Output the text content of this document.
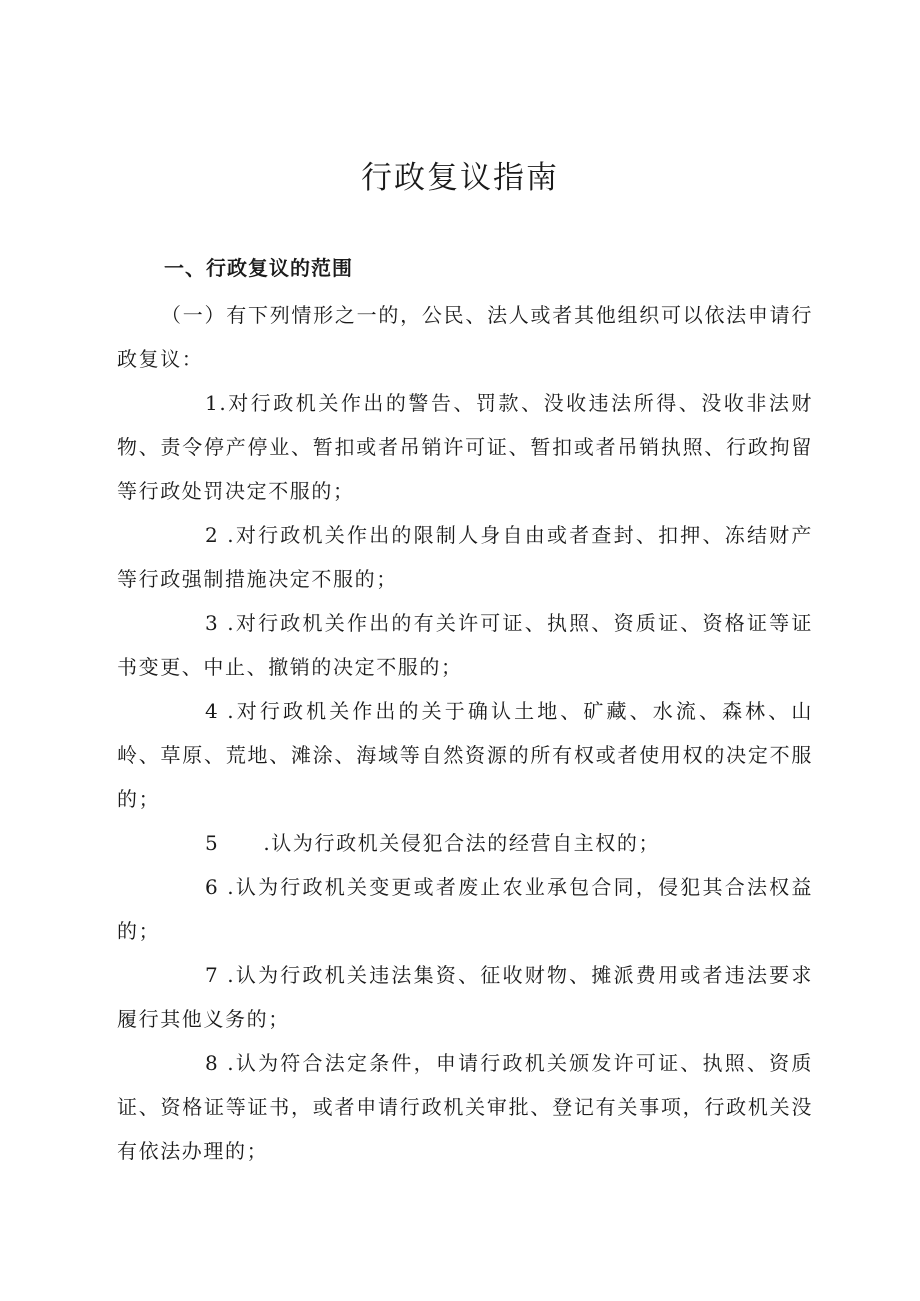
行政复议指南
一、行政复议的范围

（一）有下列情形之一的，公民、法人或者其他组织可以依法申请行政复议：

1.对行政机关作出的警告、罚款、没收违法所得、没收非法财物、责令停产停业、暂扣或者吊销许可证、暂扣或者吊销执照、行政拘留等行政处罚决定不服的；

2 .对行政机关作出的限制人身自由或者查封、扣押、冻结财产等行政强制措施决定不服的；

3 .对行政机关作出的有关许可证、执照、资质证、资格证等证书变更、中止、撤销的决定不服的；

4 .对行政机关作出的关于确认土地、矿藏、水流、森林、山岭、草原、荒地、滩涂、海域等自然资源的所有权或者使用权的决定不服的；

5 .认为行政机关侵犯合法的经营自主权的；

6 .认为行政机关变更或者废止农业承包合同，侵犯其合法权益的；

7 .认为行政机关违法集资、征收财物、摊派费用或者违法要求履行其他义务的；

8 .认为符合法定条件，申请行政机关颁发许可证、执照、资质证、资格证等证书，或者申请行政机关审批、登记有关事项，行政机关没有依法办理的；
